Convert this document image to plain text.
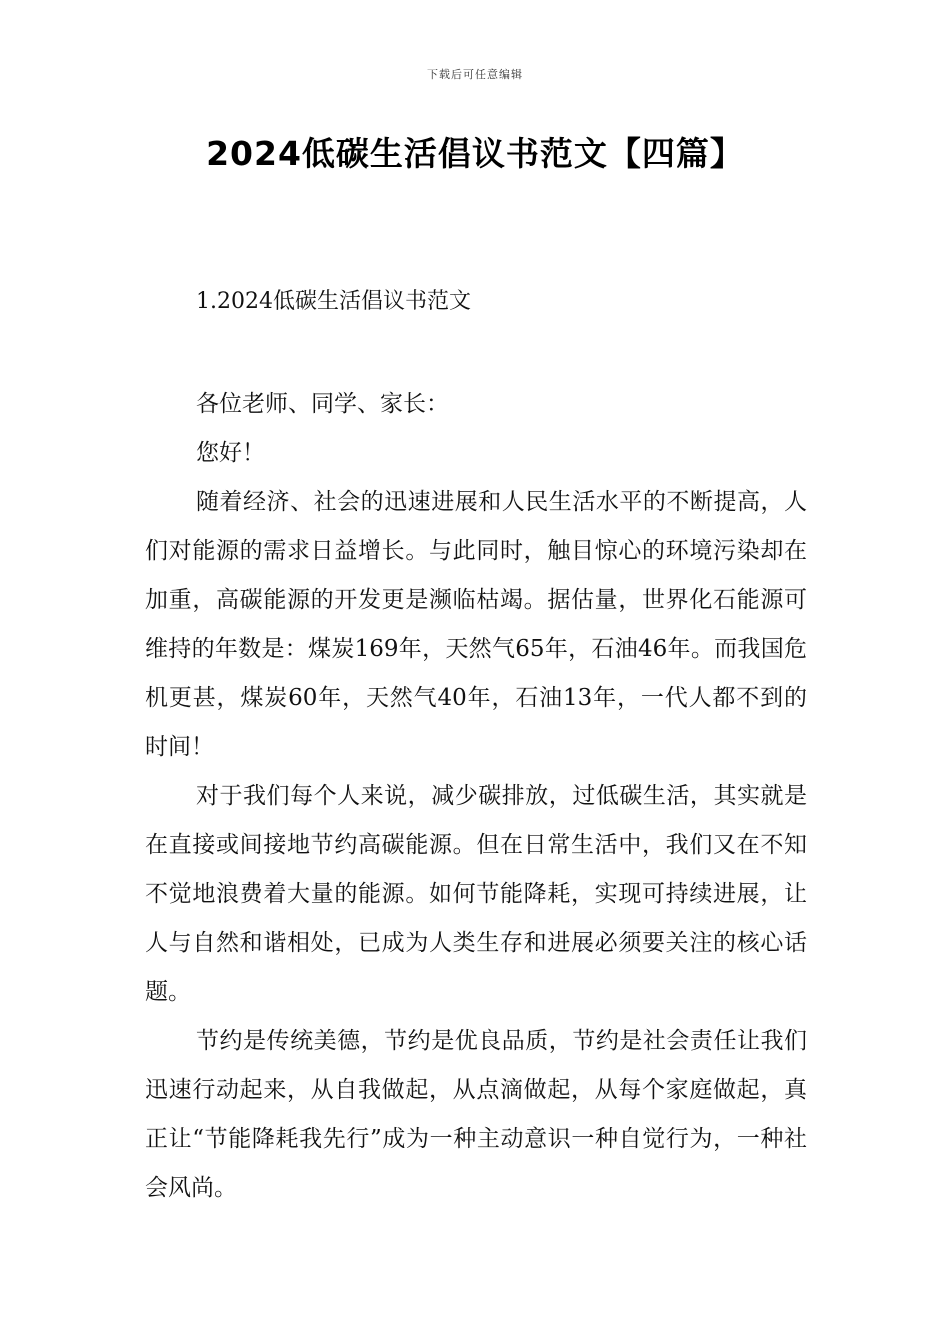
下载后可任意编辑
2024低碳生活倡议书范文【四篇】
1.2024低碳生活倡议书范文

各位老师、同学、家长：

您好！

随着经济、社会的迅速进展和人民生活水平的不断提高，人们对能源的需求日益增长。与此同时，触目惊心的环境污染却在加重，高碳能源的开发更是濒临枯竭。据估量，世界化石能源可维持的年数是：煤炭169年，天然气65年，石油46年。而我国危机更甚，煤炭60年，天然气40年，石油13年，一代人都不到的时间！

对于我们每个人来说，减少碳排放，过低碳生活，其实就是在直接或间接地节约高碳能源。但在日常生活中，我们又在不知不觉地浪费着大量的能源。如何节能降耗，实现可持续进展，让人与自然和谐相处，已成为人类生存和进展必须要关注的核心话题。

节约是传统美德，节约是优良品质，节约是社会责任让我们迅速行动起来，从自我做起，从点滴做起，从每个家庭做起，真正让“节能降耗我先行”成为一种主动意识一种自觉行为，一种社会风尚。
